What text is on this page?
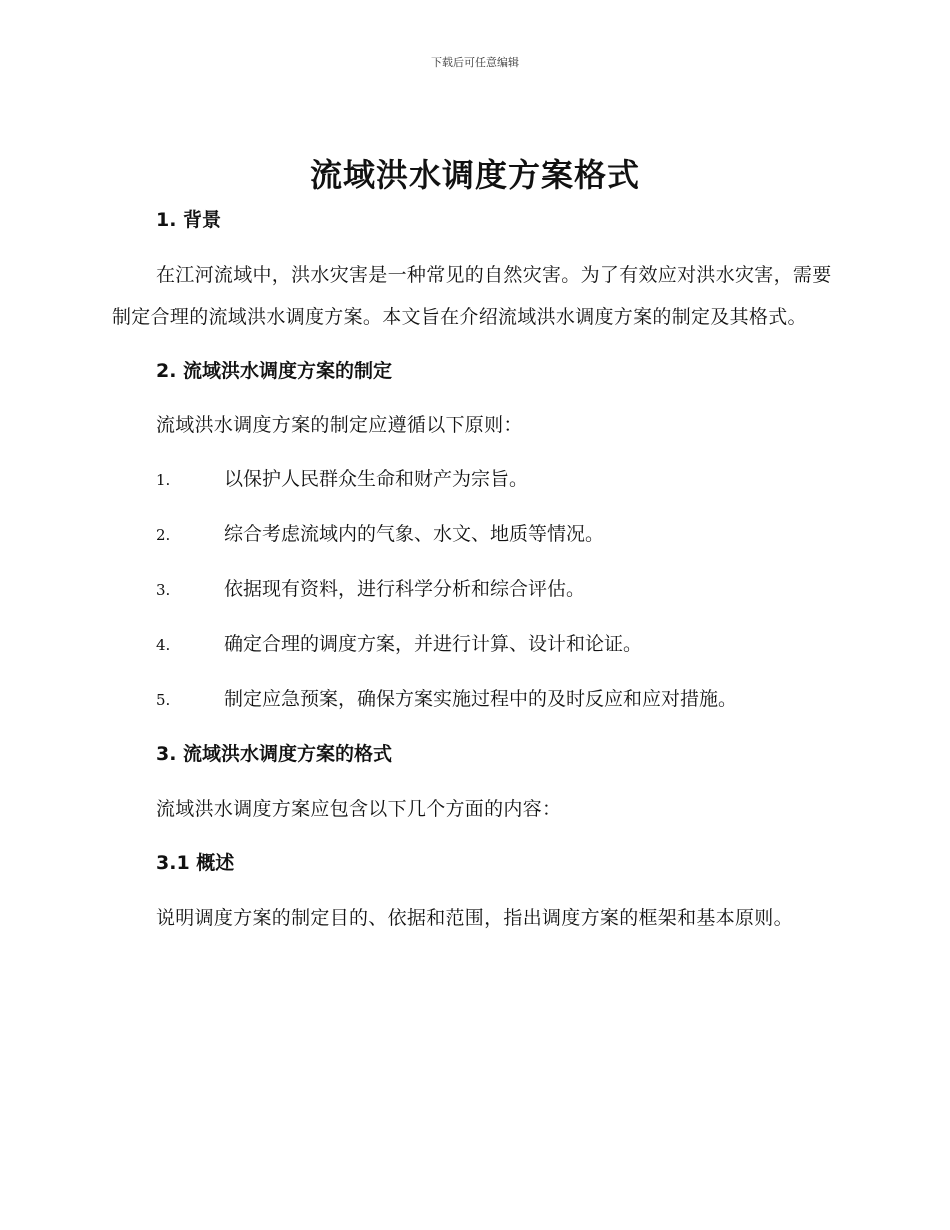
下载后可任意编辑
流域洪水调度方案格式
1. 背景

在江河流域中，洪水灾害是一种常见的自然灾害。为了有效应对洪水灾害，需要制定合理的流域洪水调度方案。本文旨在介绍流域洪水调度方案的制定及其格式。

2. 流域洪水调度方案的制定

流域洪水调度方案的制定应遵循以下原则：

1.	以保护人民群众生命和财产为宗旨。
2.	综合考虑流域内的气象、水文、地质等情况。
3.	依据现有资料，进行科学分析和综合评估。
4.	确定合理的调度方案，并进行计算、设计和论证。
5.	制定应急预案，确保方案实施过程中的及时反应和应对措施。
3. 流域洪水调度方案的格式

流域洪水调度方案应包含以下几个方面的内容：

3.1 概述

说明调度方案的制定目的、依据和范围，指出调度方案的框架和基本原则。
